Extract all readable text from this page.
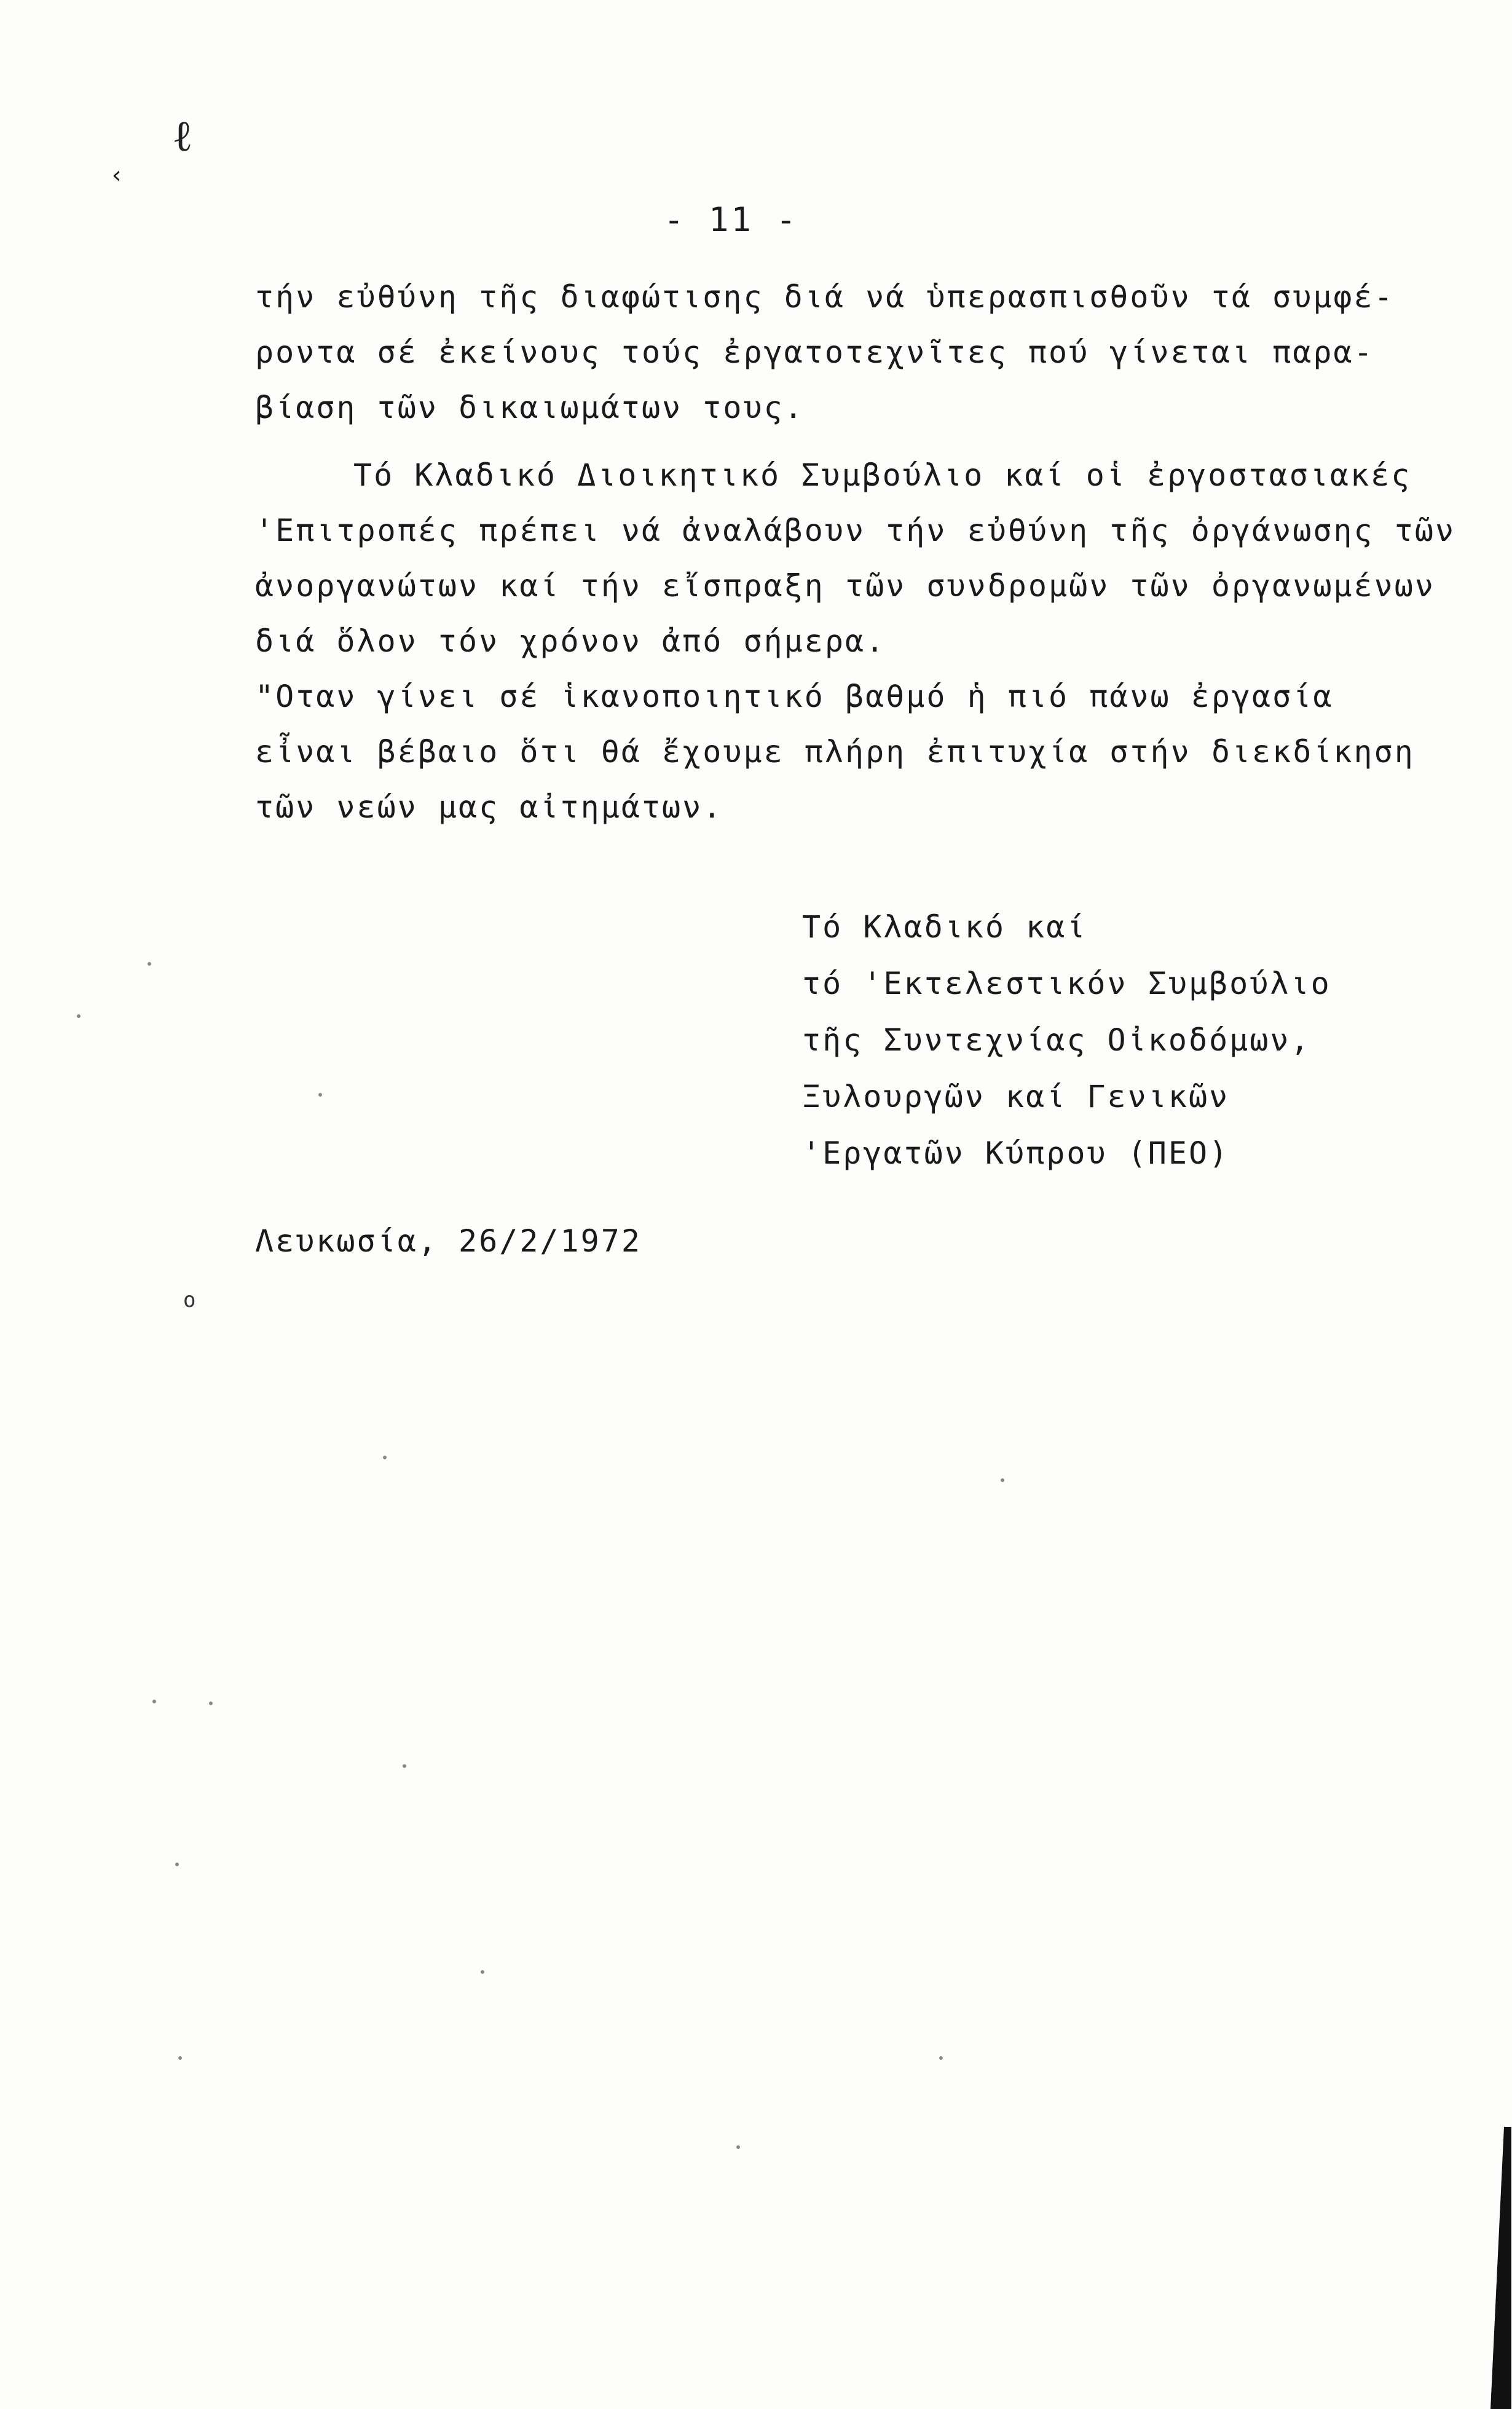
ℓ
‹
- 11 -
τήν εὐθύνη τῆς διαφώτισης διά νά ὑπερασπισθοῦν τά συμφέ-
ροντα σέ ἐκείνους τούς ἐργατοτεχνῖτες πού γίνεται παρα-
βίαση τῶν δικαιωμάτων τους.
Τό Κλαδικό Διοικητικό Συμβούλιο καί οἱ ἐργοστασιακές
'Επιτροπές πρέπει νά ἀναλάβουν τήν εὐθύνη τῆς ὀργάνωσης τῶν
ἀνοργανώτων καί τήν εἴσπραξη τῶν συνδρομῶν τῶν ὀργανωμένων
διά ὅλον τόν χρόνον ἀπό σήμερα.
"Οταν γίνει σέ ἱκανοποιητικό βαθμό ἡ πιό πάνω ἐργασία
εἶναι βέβαιο ὅτι θά ἔχουμε πλήρη ἐπιτυχία στήν διεκδίκηση
τῶν νεών μας αἰτημάτων.
Τό Κλαδικό καί
τό 'Εκτελεστικόν Συμβούλιο
τῆς Συντεχνίας Οἰκοδόμων,
Ξυλουργῶν καί Γενικῶν
'Εργατῶν Κύπρου (ΠΕΟ)
Λευκωσία, 26/2/1972
o
